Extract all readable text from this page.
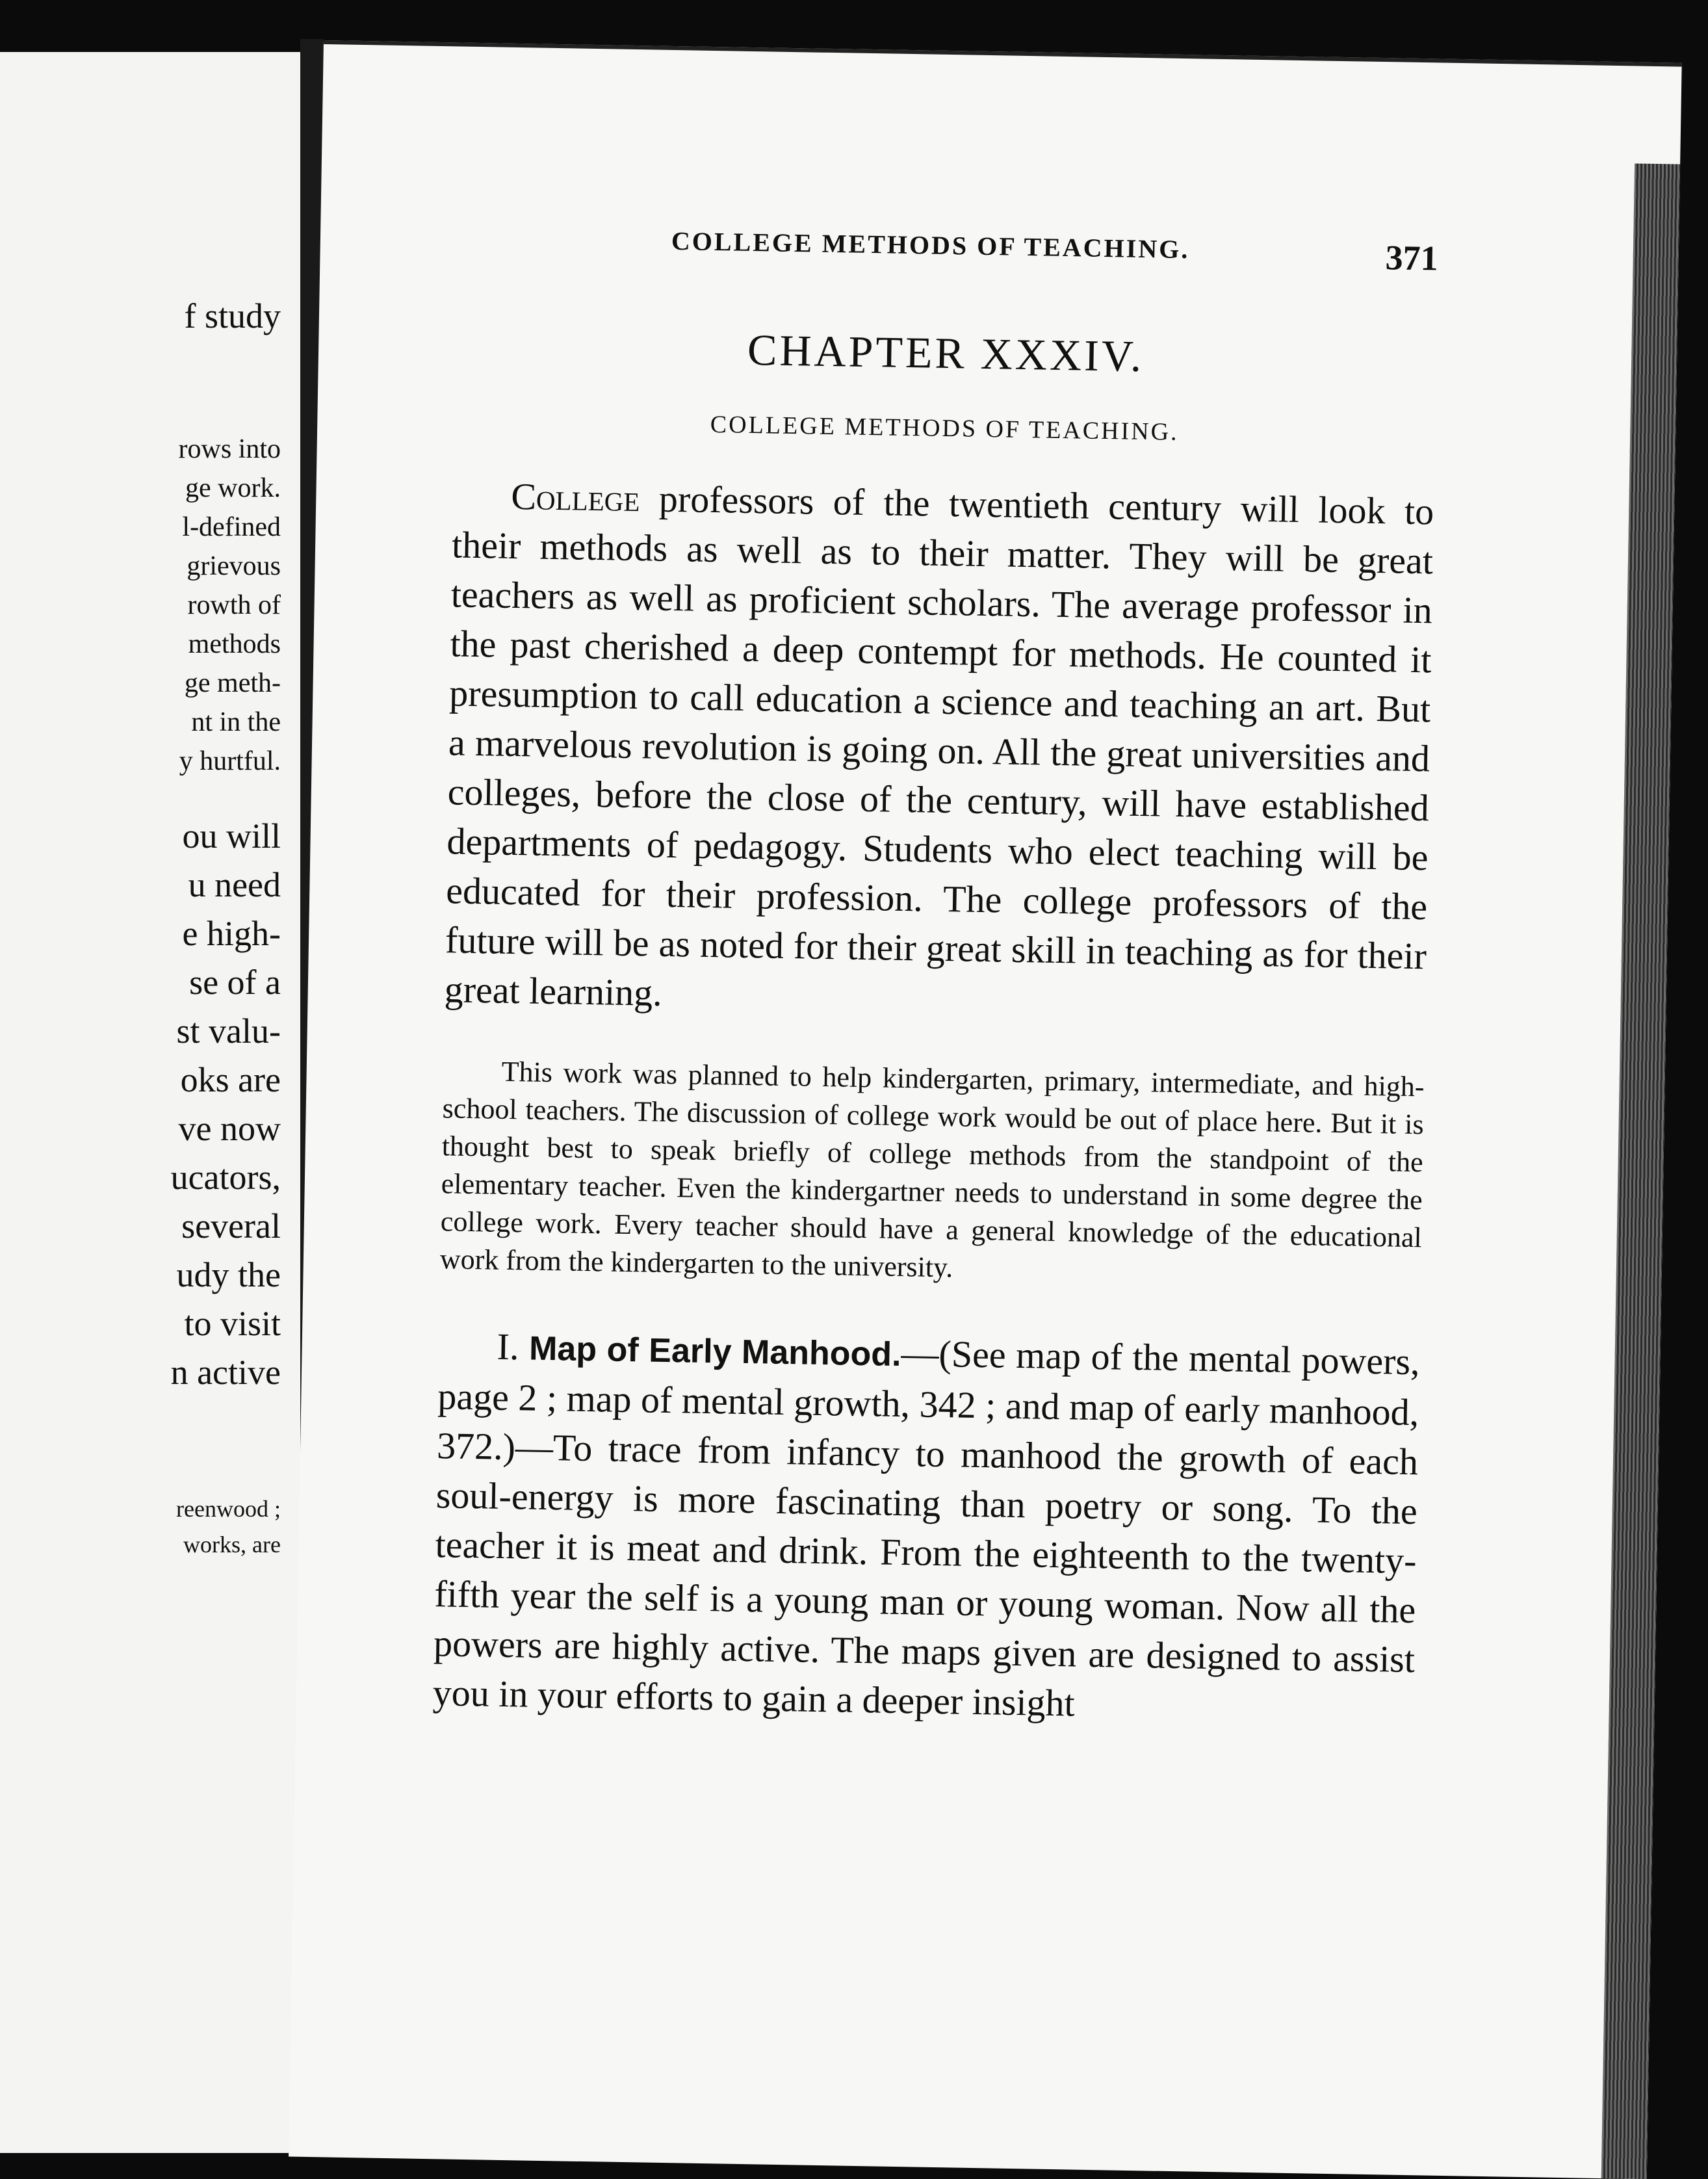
f study
rows into
ge work.
l-defined
grievous
rowth of
methods
ge meth-
nt in the
y hurtful.
ou will
u need
e high-
se of a
st valu-
oks are
ve now
ucators,
several
udy the
to visit
n active
reenwood ;
works, are
COLLEGE METHODS OF TEACHING.	371
CHAPTER XXXIV.
COLLEGE METHODS OF TEACHING.

College professors of the twentieth century will look to their methods as well as to their matter. They will be great teachers as well as proficient scholars. The average professor in the past cherished a deep contempt for methods. He counted it presumption to call education a science and teaching an art. But a marvelous revolution is going on. All the great universities and colleges, before the close of the century, will have established departments of pedagogy. Students who elect teaching will be educated for their profession. The college professors of the future will be as noted for their great skill in teaching as for their great learning.

This work was planned to help kindergarten, primary, intermediate, and high-school teachers. The discussion of college work would be out of place here. But it is thought best to speak briefly of college methods from the standpoint of the elementary teacher. Even the kindergartner needs to understand in some degree the college work. Every teacher should have a general knowledge of the educational work from the kindergarten to the university.

I. Map of Early Manhood.—(See map of the mental powers, page 2 ; map of mental growth, 342 ; and map of early manhood, 372.)—To trace from infancy to manhood the growth of each soul-energy is more fascinating than poetry or song. To the teacher it is meat and drink. From the eighteenth to the twenty-fifth year the self is a young man or young woman. Now all the powers are highly active. The maps given are designed to assist you in your efforts to gain a deeper insight
